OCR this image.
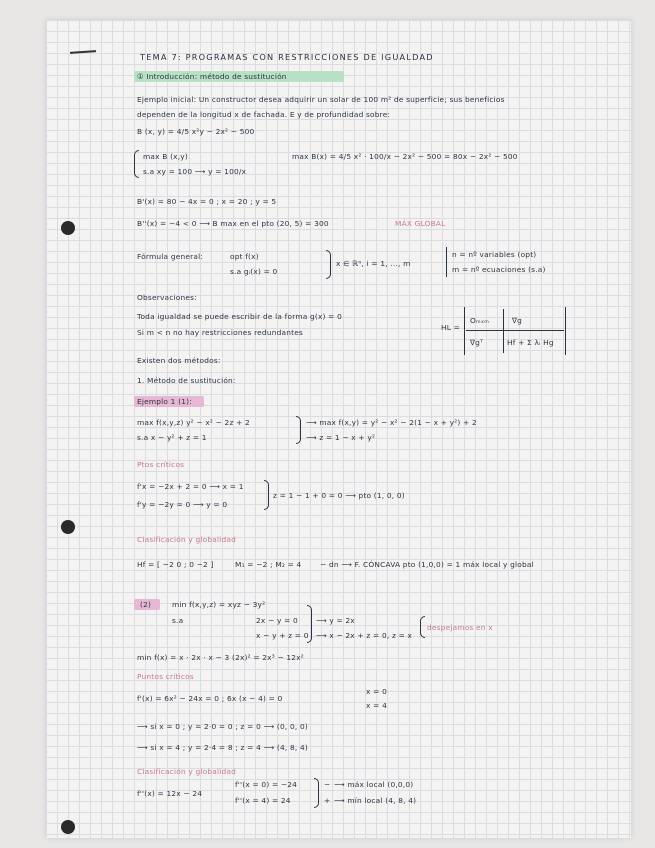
TEMA 7: PROGRAMAS CON RESTRICCIONES DE IGUALDAD
① Introducción: método de sustitución
Ejemplo inicial: Un constructor desea adquirir un solar de 100 m² de superficie; sus beneficios
dependen de la longitud x de fachada. E y de profundidad sobre:
B (x, y) = 4/5 x²y − 2x² − 500
max B (x,y)
s.a xy = 100 ⟶ y = 100/x
max B(x) = 4/5 x² · 100/x − 2x² − 500 = 80x − 2x² − 500
B'(x) = 80 − 4x = 0 ; x = 20 ; y = 5
B''(x) = −4 < 0 ⟶ B max en el pto (20, 5) = 300	MÁX GLOBAL
Fórmula general:	opt f(x)
s.a gᵢ(x) = 0
x ∈ ℝⁿ, i = 1, ..., m
n = nº variables (opt)
m = nº ecuaciones (s.a)
Observaciones:
Toda igualdad se puede escribir de la forma g(x) = 0
Si m < n no hay restricciones redundantes
HL =
Oₘₓₘ	∇g
∇gᵀ	Hf + Σ λᵢ Hg
Existen dos métodos:
1. Método de sustitución:
Ejemplo 1 (1):
max f(x,y,z) y² − x² − 2z + 2
s.a x − y² + z = 1
⟶ max f(x,y) = y² − x² − 2(1 − x + y²) + 2
⟶ z = 1 − x + y²
Ptos críticos
f'x = −2x + 2 = 0 ⟶ x = 1
f'y = −2y = 0 ⟶ y = 0
z = 1 − 1 + 0 = 0 ⟶ pto (1, 0, 0)
Clasificación y globalidad
Hf = [ −2 0 ; 0 −2 ]	M₁ = −2 ; M₂ = 4	− dn ⟶ F. CÓNCAVA pto (1,0,0) = 1 máx local y global
(2)	min f(x,y,z) = xyz − 3y²
s.a	2x − y = 0
x − y + z = 0
⟶ y = 2x
⟶ x − 2x + z = 0, z = x
despejamos en x
min f(x) = x · 2x · x − 3 (2x)² = 2x³ − 12x²
Puntos críticos
f'(x) = 6x² − 24x = 0 ; 6x (x − 4) = 0
x = 0
x = 4
⟶ si x = 0 ; y = 2·0 = 0 ; z = 0 ⟶ (0, 0, 0)
⟶ si x = 4 ; y = 2·4 = 8 ; z = 4 ⟶ (4, 8, 4)
Clasificación y globalidad
f''(x) = 12x − 24
f''(x = 0) = −24
f''(x = 4) = 24
−
+
⟶ máx local (0,0,0)
⟶ mín local (4, 8, 4)
